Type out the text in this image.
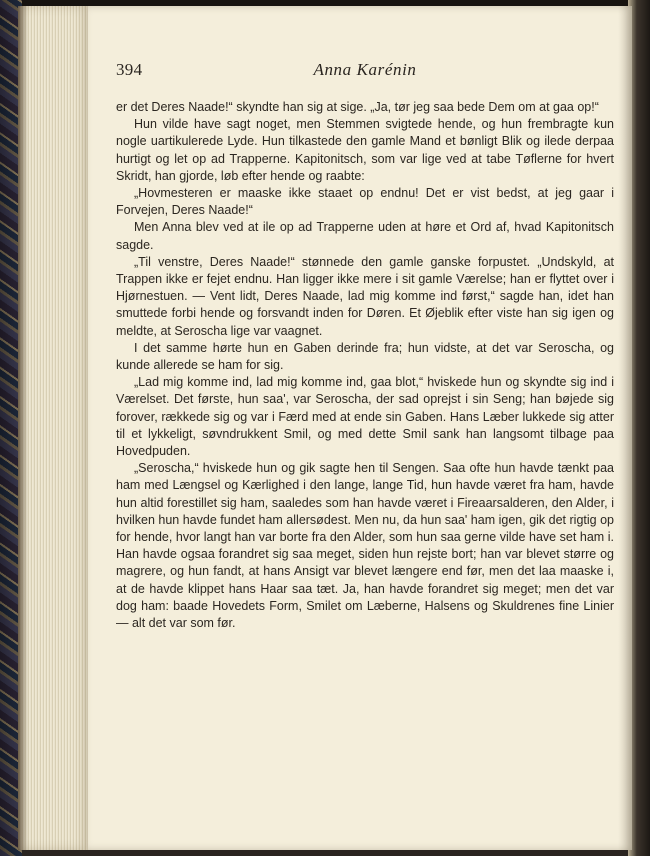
394	Anna Karénin

er det Deres Naade!“ skyndte han sig at sige. „Ja, tør jeg saa bede Dem om at gaa op!“

Hun vilde have sagt noget, men Stemmen svigtede hende, og hun frembragte kun nogle uartikulerede Lyde. Hun tilkastede den gamle Mand et bønligt Blik og ilede derpaa hurtigt og let op ad Trapperne. Kapitonitsch, som var lige ved at tabe Tøflerne for hvert Skridt, han gjorde, løb efter hende og raabte:

„Hovmesteren er maaske ikke staaet op endnu! Det er vist bedst, at jeg gaar i Forvejen, Deres Naade!“

Men Anna blev ved at ile op ad Trapperne uden at høre et Ord af, hvad Kapitonitsch sagde.

„Til venstre, Deres Naade!“ stønnede den gamle ganske forpustet. „Undskyld, at Trappen ikke er fejet endnu. Han ligger ikke mere i sit gamle Værelse; han er flyttet over i Hjørnestuen. — Vent lidt, Deres Naade, lad mig komme ind først,“ sagde han, idet han smuttede forbi hende og forsvandt inden for Døren. Et Øjeblik efter viste han sig igen og meldte, at Seroscha lige var vaagnet.

I det samme hørte hun en Gaben derinde fra; hun vidste, at det var Seroscha, og kunde allerede se ham for sig.

„Lad mig komme ind, lad mig komme ind, gaa blot,“ hviskede hun og skyndte sig ind i Værelset. Det første, hun saa', var Seroscha, der sad oprejst i sin Seng; han bøjede sig forover, rækkede sig og var i Færd med at ende sin Gaben. Hans Læber lukkede sig atter til et lykkeligt, søvndrukkent Smil, og med dette Smil sank han langsomt tilbage paa Hovedpuden.

„Seroscha,“ hviskede hun og gik sagte hen til Sengen. Saa ofte hun havde tænkt paa ham med Længsel og Kærlighed i den lange, lange Tid, hun havde været fra ham, havde hun altid forestillet sig ham, saaledes som han havde været i Fireaarsalderen, den Alder, i hvilken hun havde fundet ham allersødest. Men nu, da hun saa' ham igen, gik det rigtig op for hende, hvor langt han var borte fra den Alder, som hun saa gerne vilde have set ham i. Han havde ogsaa forandret sig saa meget, siden hun rejste bort; han var blevet større og magrere, og hun fandt, at hans Ansigt var blevet længere end før, men det laa maaske i, at de havde klippet hans Haar saa tæt. Ja, han havde forandret sig meget; men det var dog ham: baade Hovedets Form, Smilet om Læberne, Halsens og Skuldrenes fine Linier — alt det var som før.
